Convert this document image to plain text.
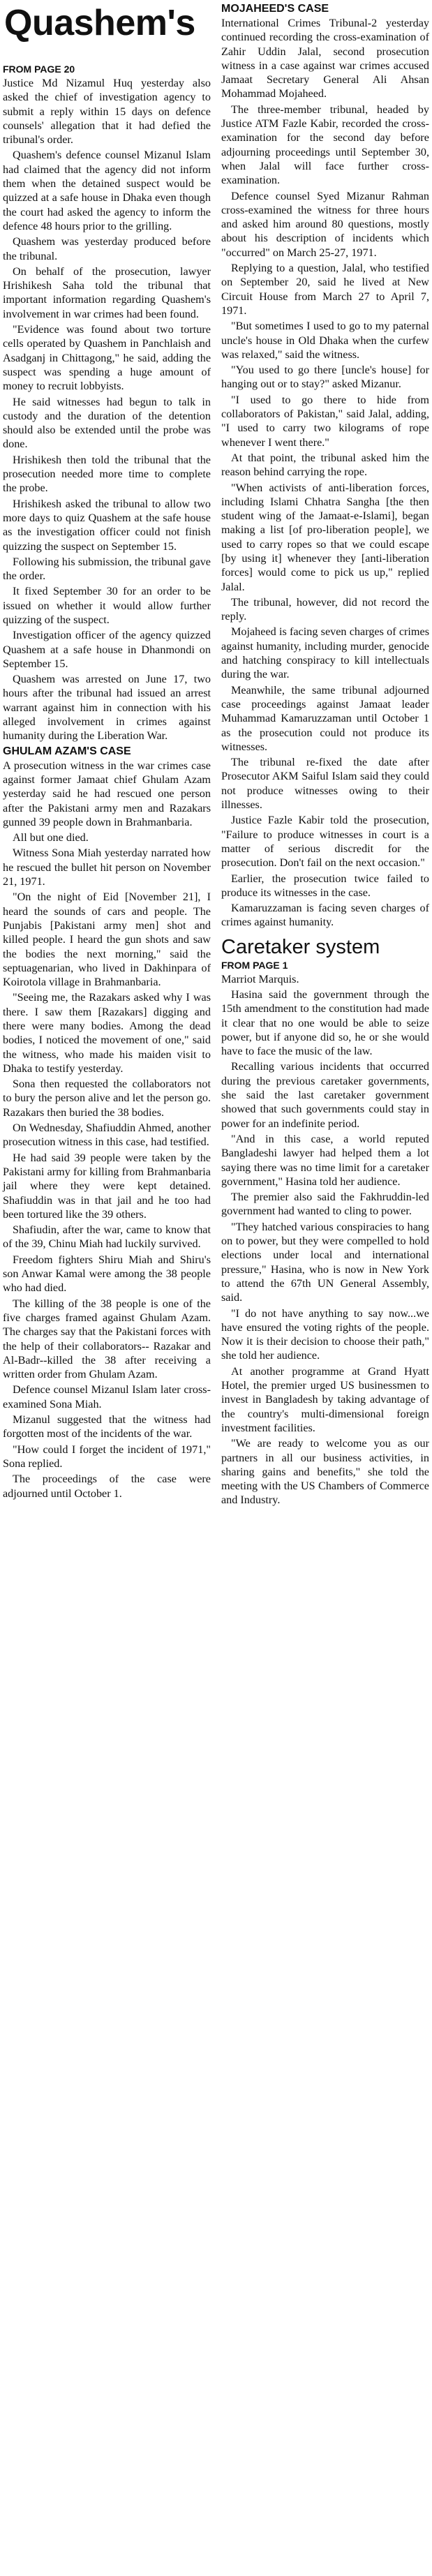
Quashem's
FROM PAGE 20

Justice Md Nizamul Huq yesterday also asked the chief of investigation agency to submit a reply within 15 days on defence counsels' allegation that it had defied the tribunal's order.

Quashem's defence counsel Mizanul Islam had claimed that the agency did not inform them when the detained suspect would be quizzed at a safe house in Dhaka even though the court had asked the agency to inform the defence 48 hours prior to the grilling.

Quashem was yesterday produced before the tribunal.

On behalf of the prosecution, lawyer Hrishikesh Saha told the tribunal that important information regarding Quashem's involvement in war crimes had been found.

"Evidence was found about two torture cells operated by Quashem in Panchlaish and Asadganj in Chittagong," he said, adding the suspect was spending a huge amount of money to recruit lobbyists.

He said witnesses had begun to talk in custody and the duration of the detention should also be extended until the probe was done.

Hrishikesh then told the tribunal that the prosecution needed more time to complete the probe.

Hrishikesh asked the tribunal to allow two more days to quiz Quashem at the safe house as the investigation officer could not finish quizzing the suspect on September 15.

Following his submission, the tribunal gave the order.

It fixed September 30 for an order to be issued on whether it would allow further quizzing of the suspect.

Investigation officer of the agency quizzed Quashem at a safe house in Dhanmondi on September 15.

Quashem was arrested on June 17, two hours after the tribunal had issued an arrest warrant against him in connection with his alleged involvement in crimes against humanity during the Liberation War.

GHULAM AZAM'S CASE

A prosecution witness in the war crimes case against former Jamaat chief Ghulam Azam yesterday said he had rescued one person after the Pakistani army men and Razakars gunned 39 people down in Brahmanbaria.

All but one died.

Witness Sona Miah yesterday narrated how he rescued the bullet hit person on November 21, 1971.

"On the night of Eid [November 21], I heard the sounds of cars and people. The Punjabis [Pakistani army men] shot and killed people. I heard the gun shots and saw the bodies the next morning," said the septuagenarian, who lived in Dakhinpara of Koirotola village in Brahmanbaria.

"Seeing me, the Razakars asked why I was there. I saw them [Razakars] digging and there were many bodies. Among the dead bodies, I noticed the movement of one," said the witness, who made his maiden visit to Dhaka to testify yesterday.

Sona then requested the collaborators not to bury the person alive and let the person go. Razakars then buried the 38 bodies.

On Wednesday, Shafiuddin Ahmed, another prosecution witness in this case, had testified.

He had said 39 people were taken by the Pakistani army for killing from Brahmanbaria jail where they were kept detained. Shafiuddin was in that jail and he too had been tortured like the 39 others.

Shafiudin, after the war, came to know that of the 39, Chinu Miah had luckily survived.

Freedom fighters Shiru Miah and Shiru's son Anwar Kamal were among the 38 people who had died.

The killing of the 38 people is one of the five charges framed against Ghulam Azam. The charges say that the Pakistani forces with the help of their collaborators-- Razakar and Al-Badr--killed the 38 after receiving a written order from Ghulam Azam.

Defence counsel Mizanul Islam later cross-examined Sona Miah.

Mizanul suggested that the witness had forgotten most of the incidents of the war.

"How could I forget the incident of 1971," Sona replied.

The proceedings of the case were adjourned until October 1.

MOJAHEED'S CASE

International Crimes Tribunal-2 yesterday continued recording the cross-examination of Zahir Uddin Jalal, second prosecution witness in a case against war crimes accused Jamaat Secretary General Ali Ahsan Mohammad Mojaheed.

The three-member tribunal, headed by Justice ATM Fazle Kabir, recorded the cross-examination for the second day before adjourning proceedings until September 30, when Jalal will face further cross-examination.

Defence counsel Syed Mizanur Rahman cross-examined the witness for three hours and asked him around 80 questions, mostly about his description of incidents which "occurred" on March 25-27, 1971.

Replying to a question, Jalal, who testified on September 20, said he lived at New Circuit House from March 27 to April 7, 1971.

"But sometimes I used to go to my paternal uncle's house in Old Dhaka when the curfew was relaxed," said the witness.

"You used to go there [uncle's house] for hanging out or to stay?" asked Mizanur.

"I used to go there to hide from collaborators of Pakistan," said Jalal, adding, "I used to carry two kilograms of rope whenever I went there."

At that point, the tribunal asked him the reason behind carrying the rope.

"When activists of anti-liberation forces, including Islami Chhatra Sangha [the then student wing of the Jamaat-e-Islami], began making a list [of pro-liberation people], we used to carry ropes so that we could escape [by using it] whenever they [anti-liberation forces] would come to pick us up," replied Jalal.

The tribunal, however, did not record the reply.

Mojaheed is facing seven charges of crimes against humanity, including murder, genocide and hatching conspiracy to kill intellectuals during the war.

Meanwhile, the same tribunal adjourned case proceedings against Jamaat leader Muhammad Kamaruzzaman until October 1 as the prosecution could not produce its witnesses.

The tribunal re-fixed the date after Prosecutor AKM Saiful Islam said they could not produce witnesses owing to their illnesses.

Justice Fazle Kabir told the prosecution, "Failure to produce witnesses in court is a matter of serious discredit for the prosecution. Don't fail on the next occasion."

Earlier, the prosecution twice failed to produce its witnesses in the case.

Kamaruzzaman is facing seven charges of crimes against humanity.

Caretaker system
FROM PAGE 1

Marriot Marquis.

Hasina said the government through the 15th amendment to the constitution had made it clear that no one would be able to seize power, but if anyone did so, he or she would have to face the music of the law.

Recalling various incidents that occurred during the previous caretaker governments, she said the last caretaker government showed that such governments could stay in power for an indefinite period.

"And in this case, a world reputed Bangladeshi lawyer had helped them a lot saying there was no time limit for a caretaker government," Hasina told her audience.

The premier also said the Fakhruddin-led government had wanted to cling to power.

"They hatched various conspiracies to hang on to power, but they were compelled to hold elections under local and international pressure," Hasina, who is now in New York to attend the 67th UN General Assembly, said.

"I do not have anything to say now...we have ensured the voting rights of the people. Now it is their decision to choose their path," she told her audience.

At another programme at Grand Hyatt Hotel, the premier urged US businessmen to invest in Bangladesh by taking advantage of the country's multi-dimensional foreign investment facilities.

"We are ready to welcome you as our partners in all our business activities, in sharing gains and benefits," she told the meeting with the US Chambers of Commerce and Industry.
